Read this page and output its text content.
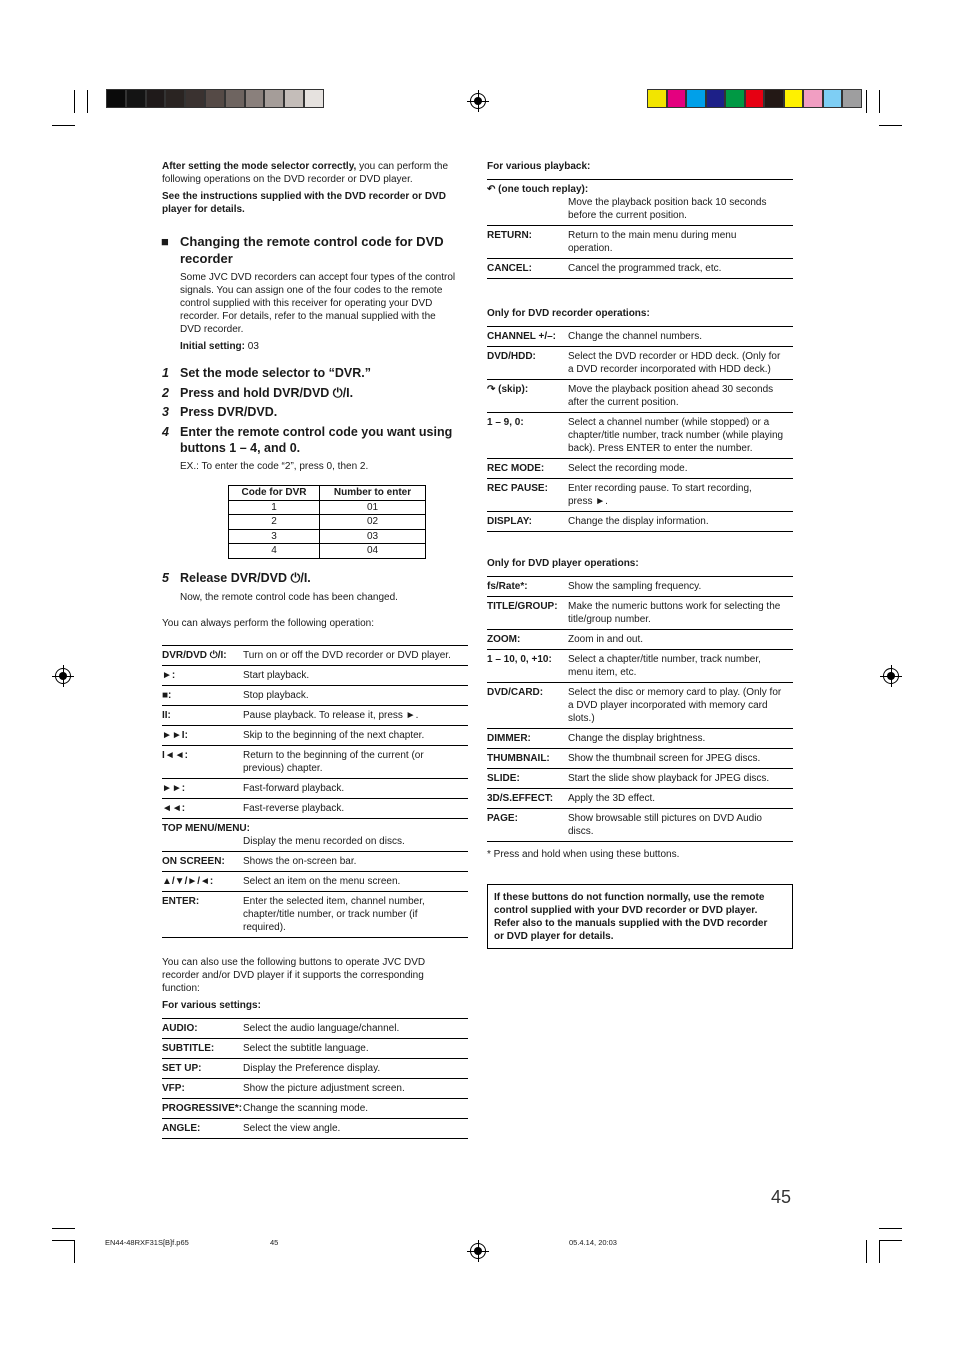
After setting the mode selector correctly, you can perform the
following operations on the DVD recorder or DVD player.
See the instructions supplied with the DVD recorder or DVD
player for details.
■ Changing the remote control code for DVD
recorder
Some JVC DVD recorders can accept four types of the control
signals. You can assign one of the four codes to the remote
control supplied with this receiver for operating your DVD
recorder. For details, refer to the manual supplied with the
DVD recorder.
Initial setting: 03
1 Set the mode selector to “DVR.”
2 Press and hold DVR/DVD ⏻/I.
3 Press DVR/DVD.
4 Enter the remote control code you want using
buttons 1 – 4, and 0.
EX.: To enter the code “2”, press 0, then 2.
Code for DVR	Number to enter
1	01
2	02
3	03
4	04
5 Release DVR/DVD ⏻/I.
Now, the remote control code has been changed.
You can always perform the following operation:
DVR/DVD ⏻/I: Turn on or off the DVD recorder or DVD player.
►:	Start playback.
■:	Stop playback.
II:	Pause playback. To release it, press ►.
►►I:	Skip to the beginning of the next chapter.
I◄◄:	Return to the beginning of the current (or
previous) chapter.
►►:	Fast-forward playback.
◄◄:	Fast-reverse playback.
TOP MENU/MENU:
Display the menu recorded on discs.
ON SCREEN: Shows the on-screen bar.
▲/▼/►/◄:	Select an item on the menu screen.
ENTER:	Enter the selected item, channel number,
chapter/title number, or track number (if
required).
You can also use the following buttons to operate JVC DVD
recorder and/or DVD player if it supports the corresponding
function:
For various settings:
AUDIO:	Select the audio language/channel.
SUBTITLE:	Select the subtitle language.
SET UP:	Display the Preference display.
VFP:	Show the picture adjustment screen.
PROGRESSIVE*: Change the scanning mode.
ANGLE:	Select the view angle.
For various playback:
↶ (one touch replay):
Move the playback position back 10 seconds
before the current position.
RETURN:	Return to the main menu during menu
operation.
CANCEL:	Cancel the programmed track, etc.
Only for DVD recorder operations:
CHANNEL +/–: Change the channel numbers.
DVD/HDD:	Select the DVD recorder or HDD deck. (Only for
a DVD recorder incorporated with HDD deck.)
↷ (skip):	Move the playback position ahead 30 seconds
after the current position.
1 – 9, 0:	Select a channel number (while stopped) or a
chapter/title number, track number (while playing
back). Press ENTER to enter the number.
REC MODE: Select the recording mode.
REC PAUSE: Enter recording pause. To start recording,
press ►.
DISPLAY:	Change the display information.
Only for DVD player operations:
fs/Rate*:	Show the sampling frequency.
TITLE/GROUP: Make the numeric buttons work for selecting the
title/group number.
ZOOM:	Zoom in and out.
1 – 10, 0, +10: Select a chapter/title number, track number,
menu item, etc.
DVD/CARD: Select the disc or memory card to play. (Only for
a DVD player incorporated with memory card
slots.)
DIMMER:	Change the display brightness.
THUMBNAIL: Show the thumbnail screen for JPEG discs.
SLIDE:	Start the slide show playback for JPEG discs.
3D/S.EFFECT: Apply the 3D effect.
PAGE:	Show browsable still pictures on DVD Audio
discs.
* Press and hold when using these buttons.
If these buttons do not function normally, use the remote
control supplied with your DVD recorder or DVD player.
Refer also to the manuals supplied with the DVD recorder
or DVD player for details.
45
EN44-48RXF31S[B]f.p65	45	05.4.14, 20:03
